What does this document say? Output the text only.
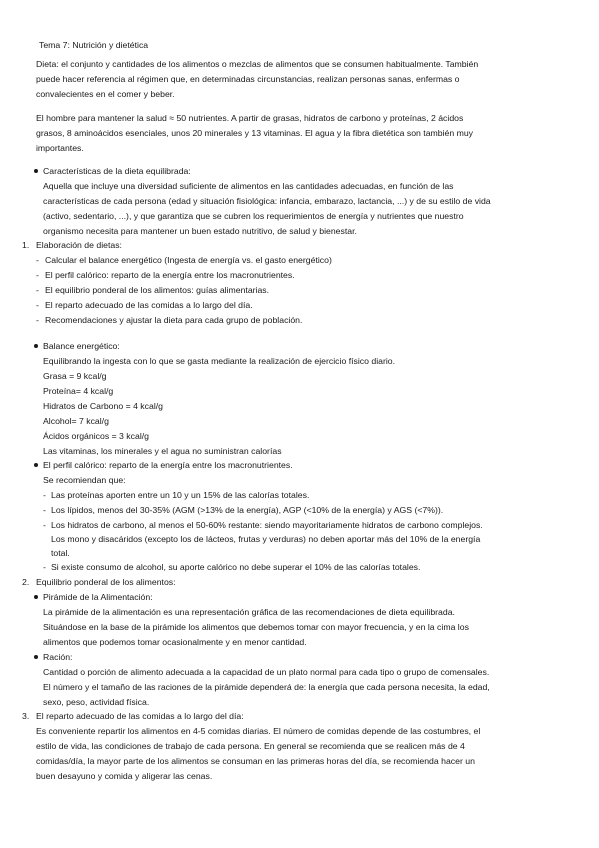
Tema 7: Nutrición y dietética
Dieta: el conjunto y cantidades de los alimentos o mezclas de alimentos que se consumen habitualmente. También
puede hacer referencia al régimen que, en determinadas circunstancias, realizan personas sanas, enfermas o
convalecientes en el comer y beber.
El hombre para mantener la salud ≈ 50 nutrientes. A partir de grasas, hidratos de carbono y proteínas, 2 ácidos
grasos, 8 aminoácidos esenciales, unos 20 minerales y 13 vitaminas. El agua y la fibra dietética son también muy
importantes.
Características de la dieta equilibrada:
Aquella que incluye una diversidad suficiente de alimentos en las cantidades adecuadas, en función de las
características de cada persona (edad y situación fisiológica: infancia, embarazo, lactancia, ...) y de su estilo de vida
(activo, sedentario, ...), y que garantiza que se cubren los requerimientos de energía y nutrientes que nuestro
organismo necesita para mantener un buen estado nutritivo, de salud y bienestar.
1. Elaboración de dietas:
- Calcular el balance energético (Ingesta de energía vs. el gasto energético)
- El perfil calórico: reparto de la energía entre los macronutrientes.
- El equilibrio ponderal de los alimentos: guías alimentarias.
- El reparto adecuado de las comidas a lo largo del día.
- Recomendaciones y ajustar la dieta para cada grupo de población.
Balance energético:
Equilibrando la ingesta con lo que se gasta mediante la realización de ejercicio físico diario.
Grasa = 9 kcal/g
Proteína= 4 kcal/g
Hidratos de Carbono = 4 kcal/g
Alcohol= 7 kcal/g
Ácidos orgánicos = 3 kcal/g
Las vitaminas, los minerales y el agua no suministran calorías
El perfil calórico: reparto de la energía entre los macronutrientes.
Se recomiendan que:
- Las proteínas aporten entre un 10 y un 15% de las calorías totales.
- Los lípidos, menos del 30-35% (AGM (>13% de la energía), AGP (<10% de la energía) y AGS (<7%)).
- Los hidratos de carbono, al menos el 50-60% restante: siendo mayoritariamente hidratos de carbono complejos.
Los mono y disacáridos (excepto los de lácteos, frutas y verduras) no deben aportar más del 10% de la energía
total.
- Si existe consumo de alcohol, su aporte calórico no debe superar el 10% de las calorías totales.
2. Equilibrio ponderal de los alimentos:
Pirámide de la Alimentación:
La pirámide de la alimentación es una representación gráfica de las recomendaciones de dieta equilibrada.
Situándose en la base de la pirámide los alimentos que debemos tomar con mayor frecuencia, y en la cima los
alimentos que podemos tomar ocasionalmente y en menor cantidad.
Ración:
Cantidad o porción de alimento adecuada a la capacidad de un plato normal para cada tipo o grupo de comensales.
El número y el tamaño de las raciones de la pirámide dependerá de: la energía que cada persona necesita, la edad,
sexo, peso, actividad física.
3. El reparto adecuado de las comidas a lo largo del día:
Es conveniente repartir los alimentos en 4-5 comidas diarias. El número de comidas depende de las costumbres, el
estilo de vida, las condiciones de trabajo de cada persona. En general se recomienda que se realicen más de 4
comidas/día, la mayor parte de los alimentos se consuman en las primeras horas del día, se recomienda hacer un
buen desayuno y comida y aligerar las cenas.
